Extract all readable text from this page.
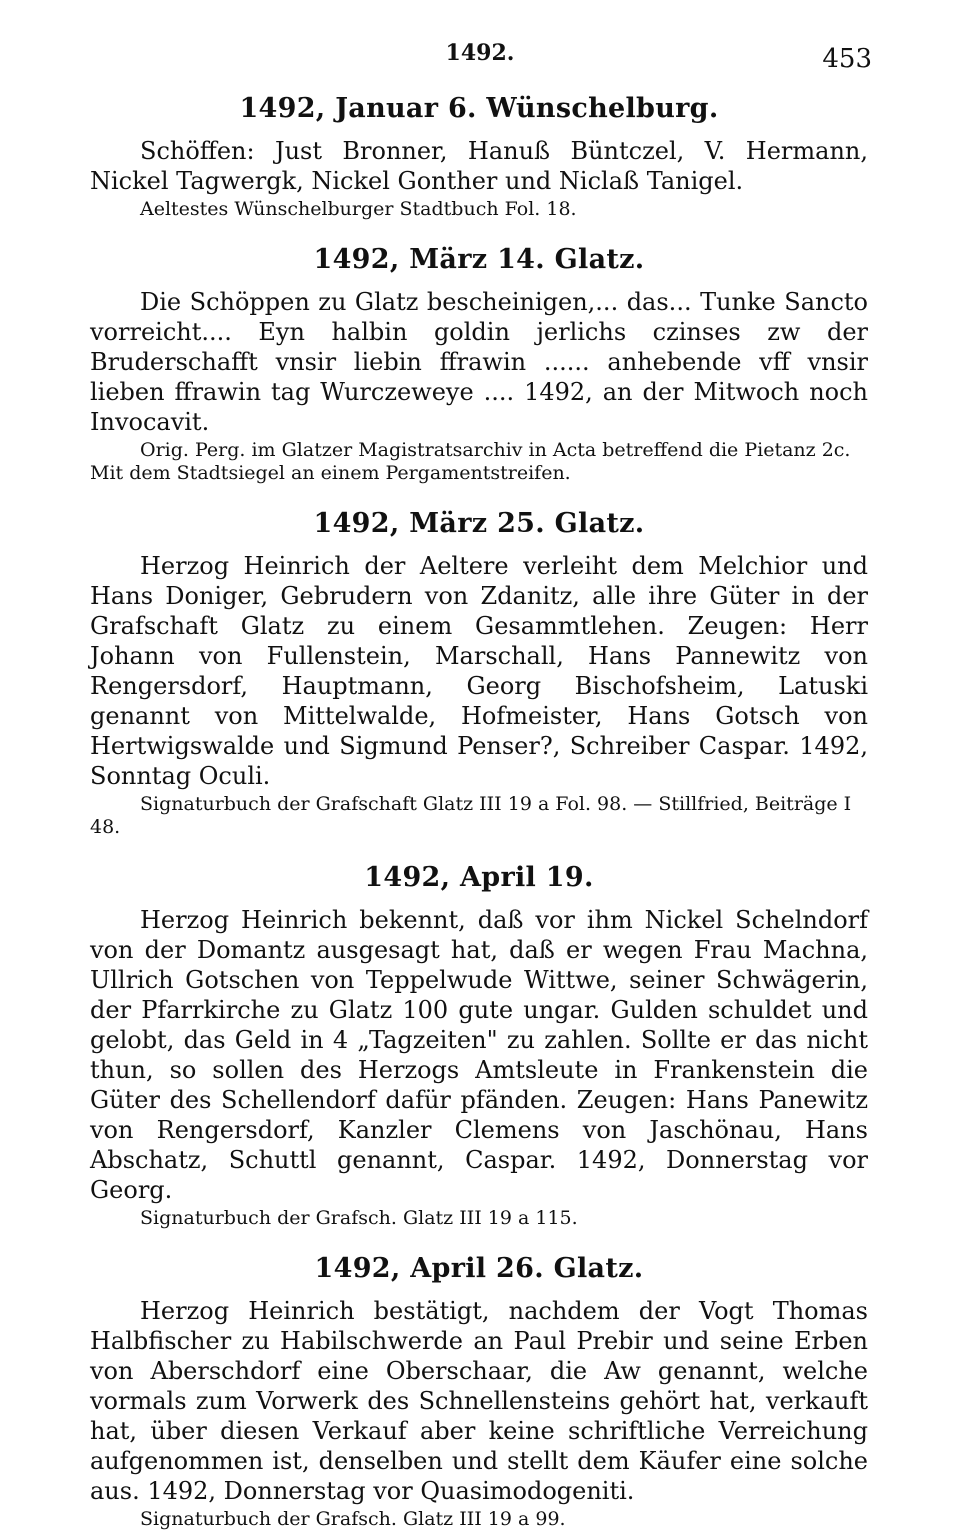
1492.	453
1492, Januar 6. Wünschelburg.

Schöffen: Just Bronner, Hanuß Büntczel, V. Hermann, Nickel Tagwergk, Nickel Gonther und Niclaß Tanigel.

Aeltestes Wünschelburger Stadtbuch Fol. 18.

1492, März 14. Glatz.

Die Schöppen zu Glatz bescheinigen,... das... Tunke Sancto vorreicht.... Eyn halbin goldin jerlichs czinses zw der Bruderschafft vnsir liebin ffrawin ...... anhebende vff vnsir lieben ffrawin tag Wurczeweye .... 1492, an der Mitwoch noch Invocavit.

Orig. Perg. im Glatzer Magistratsarchiv in Acta betreffend die Pietanz 2c. Mit dem Stadtsiegel an einem Pergamentstreifen.

1492, März 25. Glatz.

Herzog Heinrich der Aeltere verleiht dem Melchior und Hans Doniger, Gebrudern von Zdanitz, alle ihre Güter in der Grafschaft Glatz zu einem Gesammtlehen. Zeugen: Herr Johann von Fullenstein, Marschall, Hans Pannewitz von Rengersdorf, Hauptmann, Georg Bischofsheim, Latuski genannt von Mittelwalde, Hofmeister, Hans Gotsch von Hertwigswalde und Sigmund Penser?, Schreiber Caspar. 1492, Sonntag Oculi.

Signaturbuch der Grafschaft Glatz III 19 a Fol. 98. — Stillfried, Beiträge I 48.

1492, April 19.

Herzog Heinrich bekennt, daß vor ihm Nickel Schelndorf von der Domantz ausgesagt hat, daß er wegen Frau Machna, Ullrich Gotschen von Teppelwude Wittwe, seiner Schwägerin, der Pfarrkirche zu Glatz 100 gute ungar. Gulden schuldet und gelobt, das Geld in 4 „Tagzeiten" zu zahlen. Sollte er das nicht thun, so sollen des Herzogs Amtsleute in Frankenstein die Güter des Schellendorf dafür pfänden. Zeugen: Hans Panewitz von Rengersdorf, Kanzler Clemens von Jaschönau, Hans Abschatz, Schuttl genannt, Caspar. 1492, Donnerstag vor Georg.

Signaturbuch der Grafsch. Glatz III 19 a 115.

1492, April 26. Glatz.

Herzog Heinrich bestätigt, nachdem der Vogt Thomas Halbfischer zu Habilschwerde an Paul Prebir und seine Erben von Aberschdorf eine Oberschaar, die Aw genannt, welche vormals zum Vorwerk des Schnellensteins gehört hat, verkauft hat, über diesen Verkauf aber keine schriftliche Verreichung aufgenommen ist, denselben und stellt dem Käufer eine solche aus. 1492, Donnerstag vor Quasimodogeniti.

Signaturbuch der Grafsch. Glatz III 19 a 99.
